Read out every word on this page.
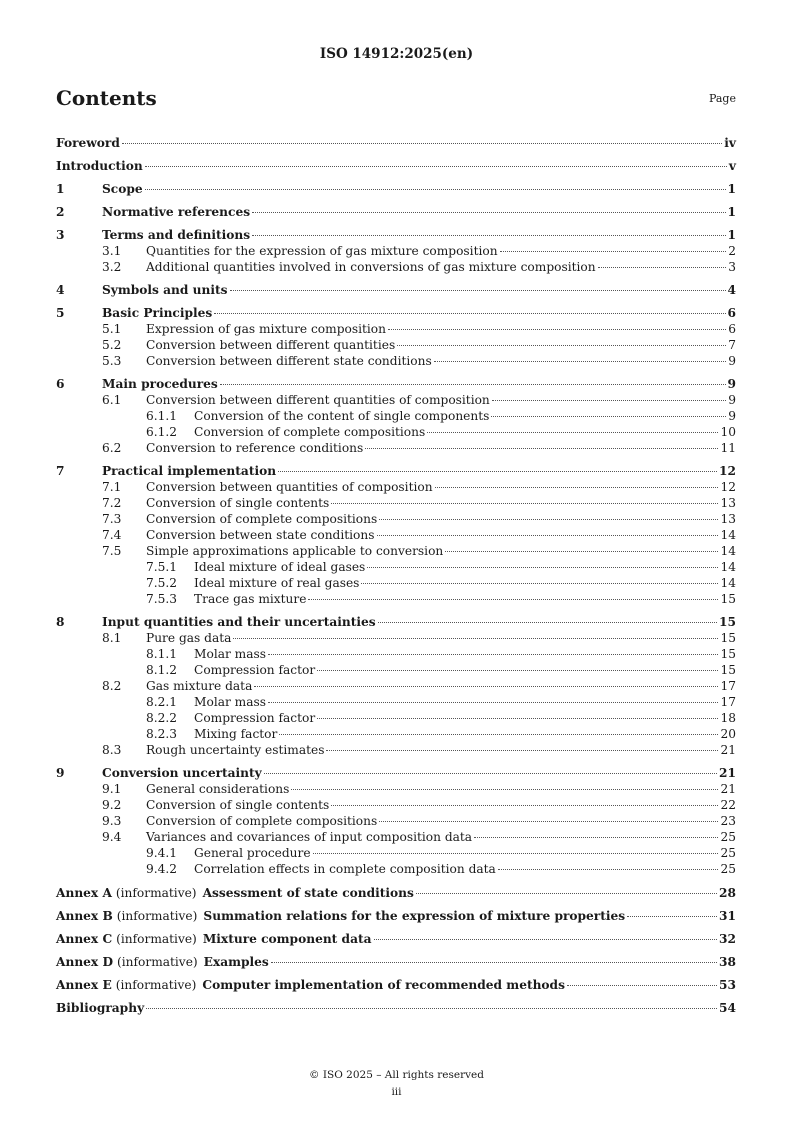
ISO 14912:2025(en)
Contents	Page
Foreword	iv
Introduction	v
1	Scope	1
2	Normative references	1
3	Terms and definitions	1
3.1	Quantities for the expression of gas mixture composition	2
3.2	Additional quantities involved in conversions of gas mixture composition	3
4	Symbols and units	4
5	Basic Principles	6
5.1	Expression of gas mixture composition	6
5.2	Conversion between different quantities	7
5.3	Conversion between different state conditions	9
6	Main procedures	9
6.1	Conversion between different quantities of composition	9
6.1.1	Conversion of the content of single components	9
6.1.2	Conversion of complete compositions	10
6.2	Conversion to reference conditions	11
7	Practical implementation	12
7.1	Conversion between quantities of composition	12
7.2	Conversion of single contents	13
7.3	Conversion of complete compositions	13
7.4	Conversion between state conditions	14
7.5	Simple approximations applicable to conversion	14
7.5.1	Ideal mixture of ideal gases	14
7.5.2	Ideal mixture of real gases	14
7.5.3	Trace gas mixture	15
8	Input quantities and their uncertainties	15
8.1	Pure gas data	15
8.1.1	Molar mass	15
8.1.2	Compression factor	15
8.2	Gas mixture data	17
8.2.1	Molar mass	17
8.2.2	Compression factor	18
8.2.3	Mixing factor	20
8.3	Rough uncertainty estimates	21
9	Conversion uncertainty	21
9.1	General considerations	21
9.2	Conversion of single contents	22
9.3	Conversion of complete compositions	23
9.4	Variances and covariances of input composition data	25
9.4.1	General procedure	25
9.4.2	Correlation effects in complete composition data	25
Annex A (informative) Assessment of state conditions	28
Annex B (informative) Summation relations for the expression of mixture properties	31
Annex C (informative) Mixture component data	32
Annex D (informative) Examples	38
Annex E (informative) Computer implementation of recommended methods	53
Bibliography	54
© ISO 2025 – All rights reserved
iii
